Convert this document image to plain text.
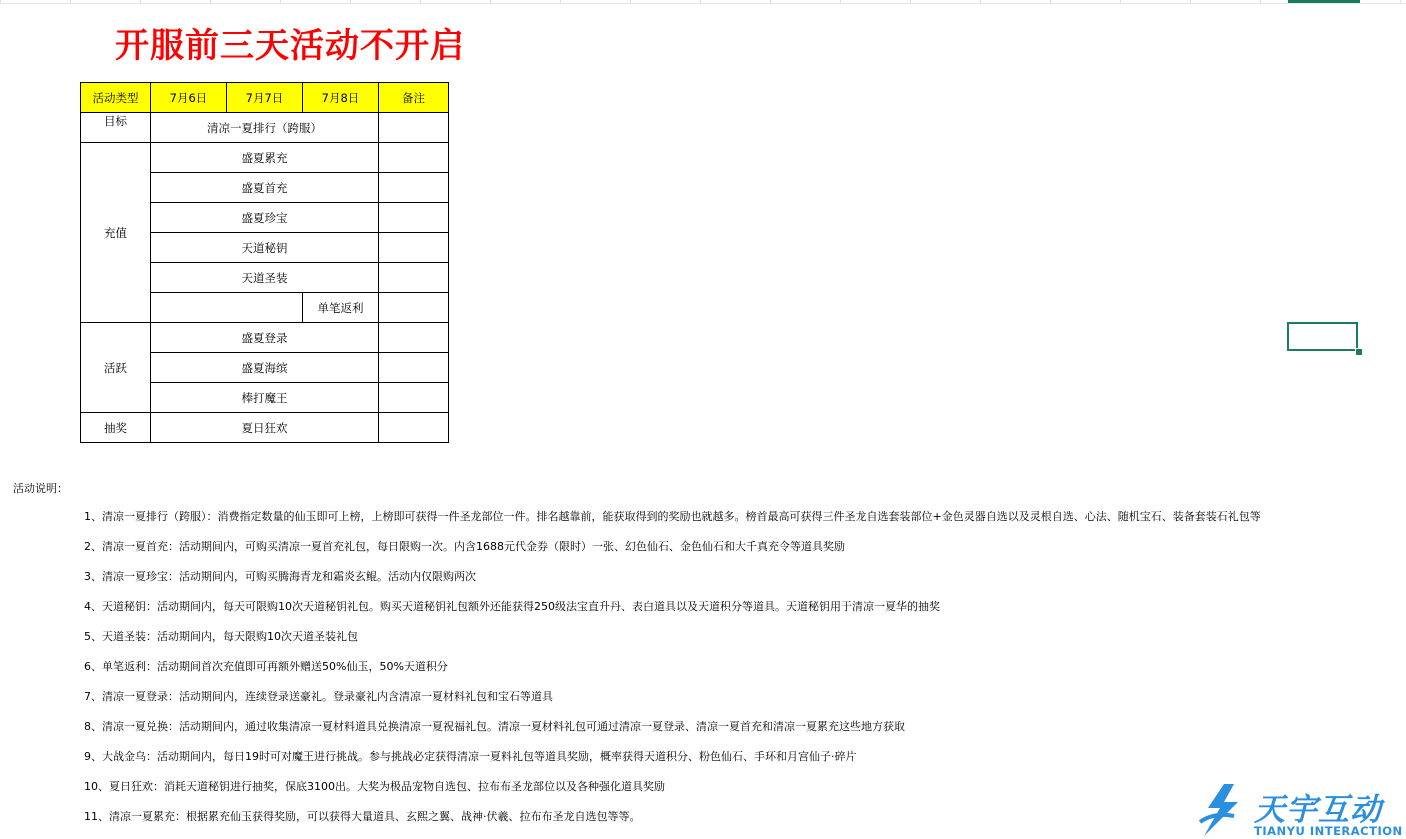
开服前三天活动不开启
活动类型	7月6日	7月7日	7月8日	备注
目标	清凉一夏排行（跨服）			
充值	盛夏累充			
	盛夏首充			
	盛夏珍宝			
	天道秘钥			
	天道圣装			
			单笔返利	
活跃	盛夏登录			
	盛夏海缤			
	棒打魔王			
抽奖	夏日狂欢			
活动说明：
1、清凉一夏排行（跨服）：消费指定数量的仙玉即可上榜，上榜即可获得一件圣龙部位一件。排名越靠前，能获取得到的奖励也就越多。榜首最高可获得三件圣龙自选套装部位+金色灵器自选以及灵根自选、心法、随机宝石、装备套装石礼包等
2、清凉一夏首充：活动期间内，可购买清凉一夏首充礼包，每日限购一次。内含1688元代金券（限时）一张、幻色仙石、金色仙石和大千真充令等道具奖励
3、清凉一夏珍宝：活动期间内，可购买腾海青龙和霜炎玄鲲。活动内仅限购两次
4、天道秘钥：活动期间内，每天可限购10次天道秘钥礼包。购买天道秘钥礼包额外还能获得250级法宝直升丹、表白道具以及天道积分等道具。天道秘钥用于清凉一夏华的抽奖
5、天道圣装：活动期间内，每天限购10次天道圣装礼包
6、单笔返利：活动期间首次充值即可再额外赠送50%仙玉，50%天道积分
7、清凉一夏登录：活动期间内，连续登录送豪礼。登录豪礼内含清凉一夏材料礼包和宝石等道具
8、清凉一夏兑换：活动期间内，通过收集清凉一夏材料道具兑换清凉一夏祝福礼包。清凉一夏材料礼包可通过清凉一夏登录、清凉一夏首充和清凉一夏累充这些地方获取
9、大战金乌：活动期间内，每日19时可对魔王进行挑战。参与挑战必定获得清凉一夏料礼包等道具奖励，概率获得天道积分、粉色仙石、手环和月宫仙子·碎片
10、夏日狂欢：消耗天道秘钥进行抽奖，保底3100出。大奖为极品宠物自选包、拉布布圣龙部位以及各种强化道具奖励
11、清凉一夏累充：根据累充仙玉获得奖励，可以获得大量道具、玄熙之翼、战神·伏羲、拉布布圣龙自选包等等。	天宇互动
TIANYU INTERACTION
